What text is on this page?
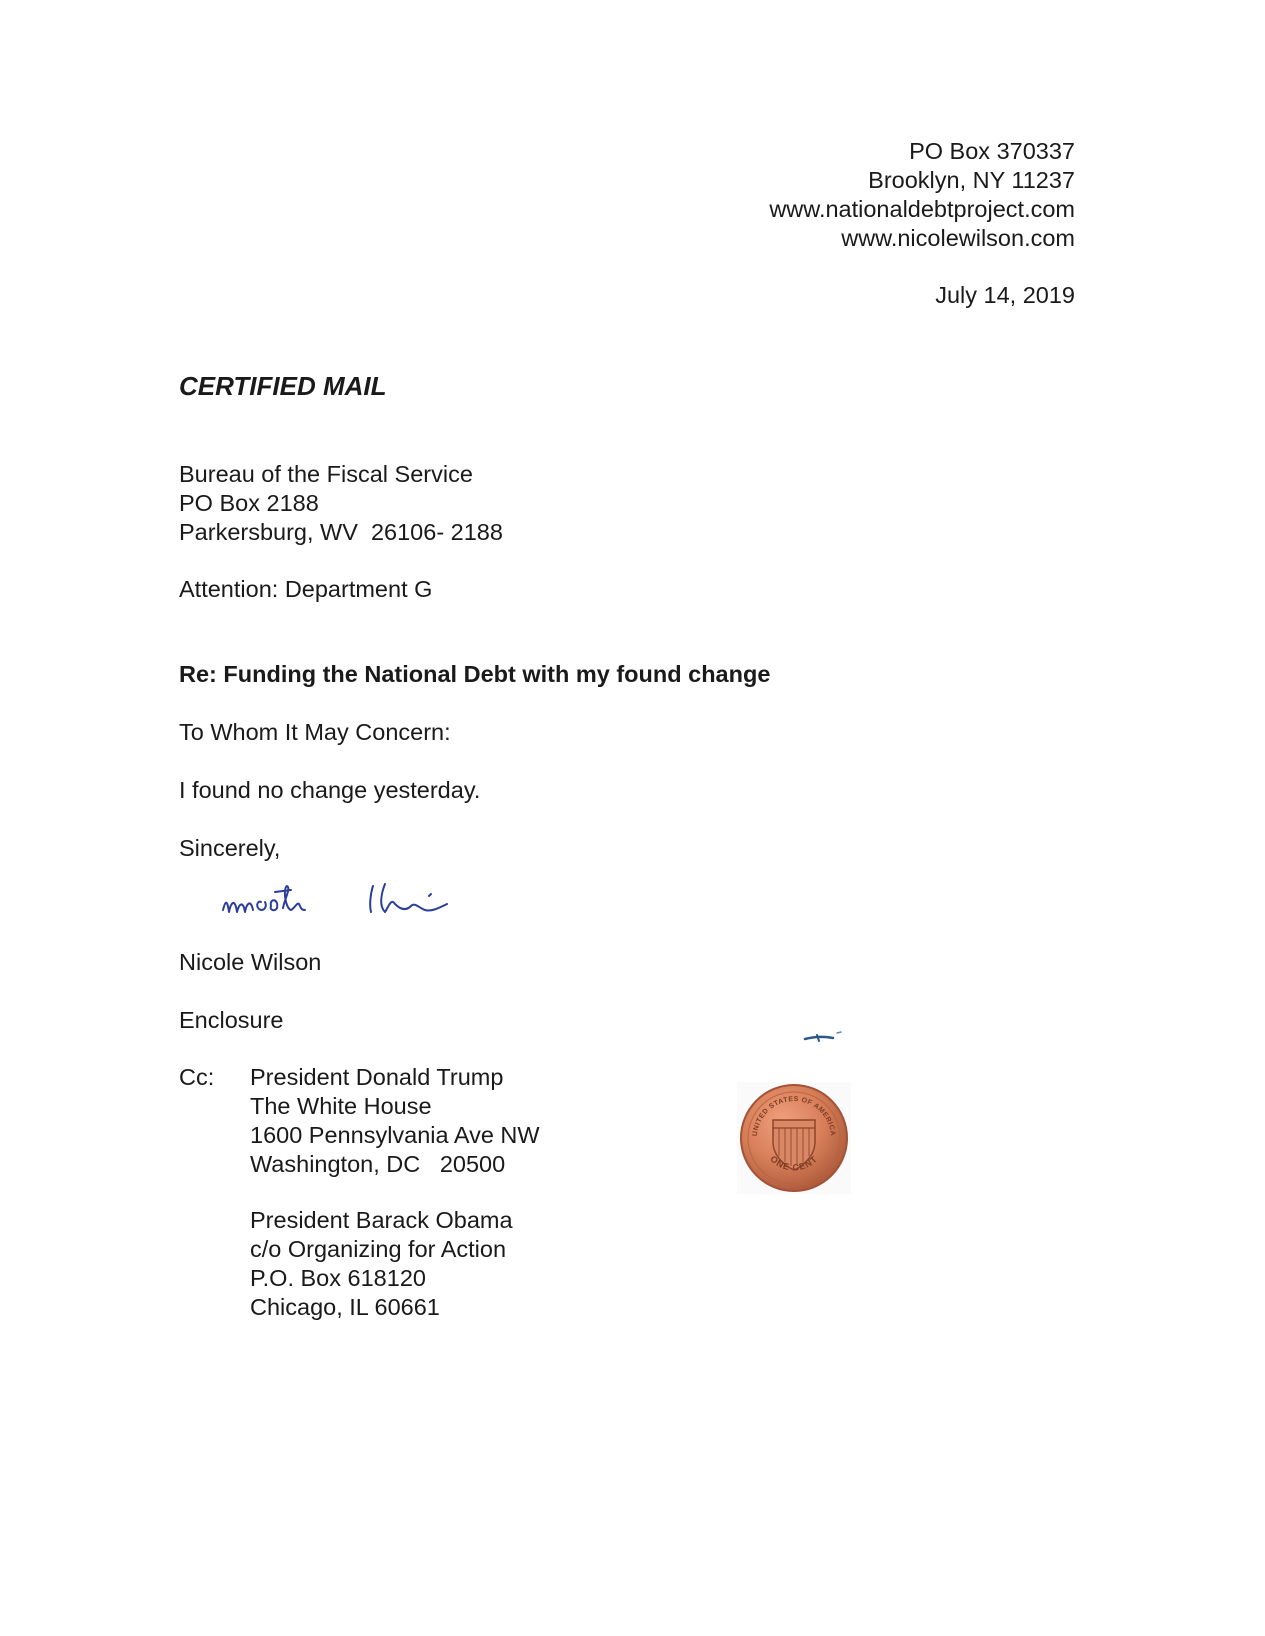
PO Box 370337
Brooklyn, NY 11237
www.nationaldebtproject.com
www.nicolewilson.com
July 14, 2019
CERTIFIED MAIL
Bureau of the Fiscal Service
PO Box 2188
Parkersburg, WV  26106- 2188
Attention: Department G
Re: Funding the National Debt with my found change
To Whom It May Concern:
I found no change yesterday.
Sincerely,
Nicole Wilson
Enclosure
Cc: President Donald Trump
The White House
1600 Pennsylvania Ave NW
Washington, DC   20500
President Barack Obama
c/o Organizing for Action
P.O. Box 618120
Chicago, IL 60661
UNITED STATES OF AMERICA
ONE CENT
